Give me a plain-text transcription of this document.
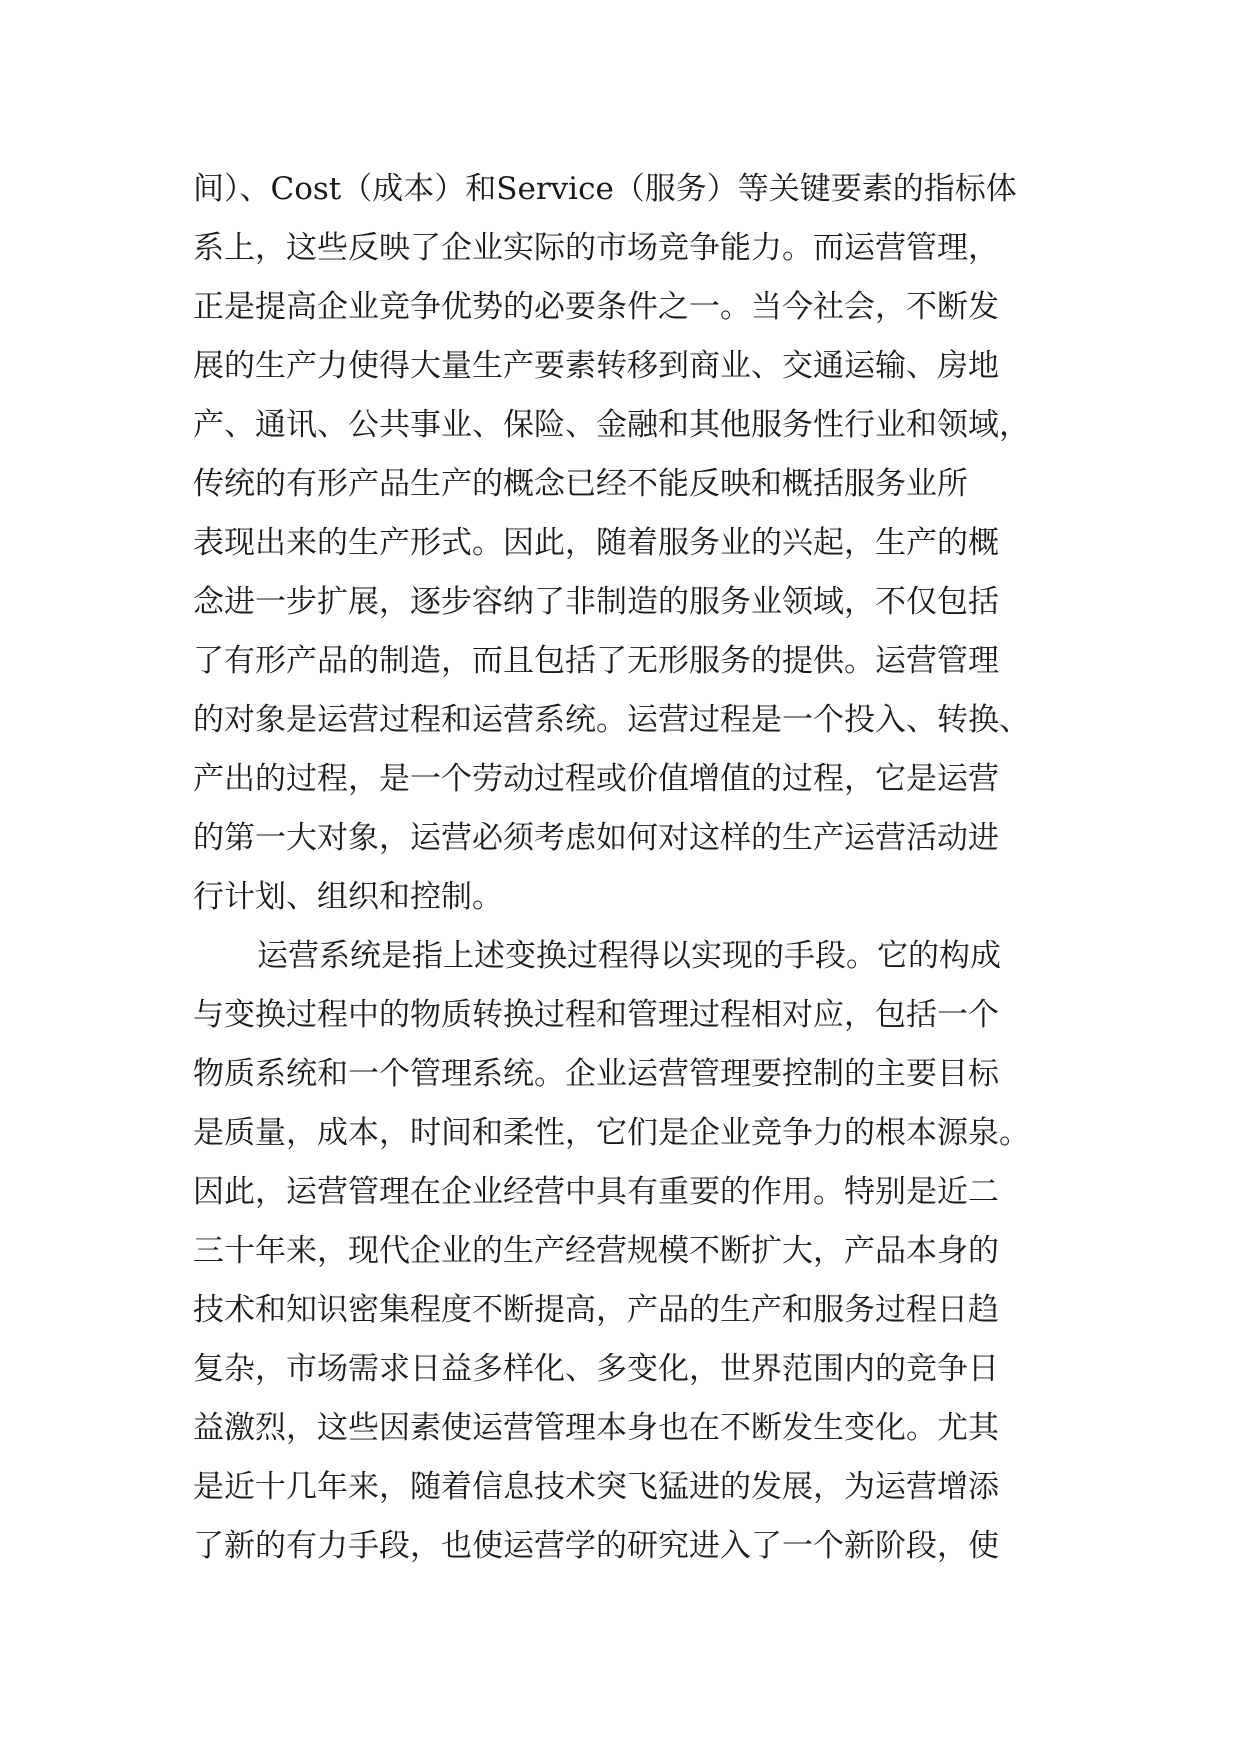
间）、Cost（成本）和Service（服务）等关键要素的指标体
系上，这些反映了企业实际的市场竞争能力。而运营管理，
正是提高企业竞争优势的必要条件之一。当今社会，不断发
展的生产力使得大量生产要素转移到商业、交通运输、房地
产、通讯、公共事业、保险、金融和其他服务性行业和领域，
传统的有形产品生产的概念已经不能反映和概括服务业所
表现出来的生产形式。因此，随着服务业的兴起，生产的概
念进一步扩展，逐步容纳了非制造的服务业领域，不仅包括
了有形产品的制造，而且包括了无形服务的提供。运营管理
的对象是运营过程和运营系统。运营过程是一个投入、转换、
产出的过程，是一个劳动过程或价值增值的过程，它是运营
的第一大对象，运营必须考虑如何对这样的生产运营活动进
行计划、组织和控制。
运营系统是指上述变换过程得以实现的手段。它的构成
与变换过程中的物质转换过程和管理过程相对应，包括一个
物质系统和一个管理系统。企业运营管理要控制的主要目标
是质量，成本，时间和柔性，它们是企业竞争力的根本源泉。
因此，运营管理在企业经营中具有重要的作用。特别是近二
三十年来，现代企业的生产经营规模不断扩大，产品本身的
技术和知识密集程度不断提高，产品的生产和服务过程日趋
复杂，市场需求日益多样化、多变化，世界范围内的竞争日
益激烈，这些因素使运营管理本身也在不断发生变化。尤其
是近十几年来，随着信息技术突飞猛进的发展，为运营增添
了新的有力手段，也使运营学的研究进入了一个新阶段，使
